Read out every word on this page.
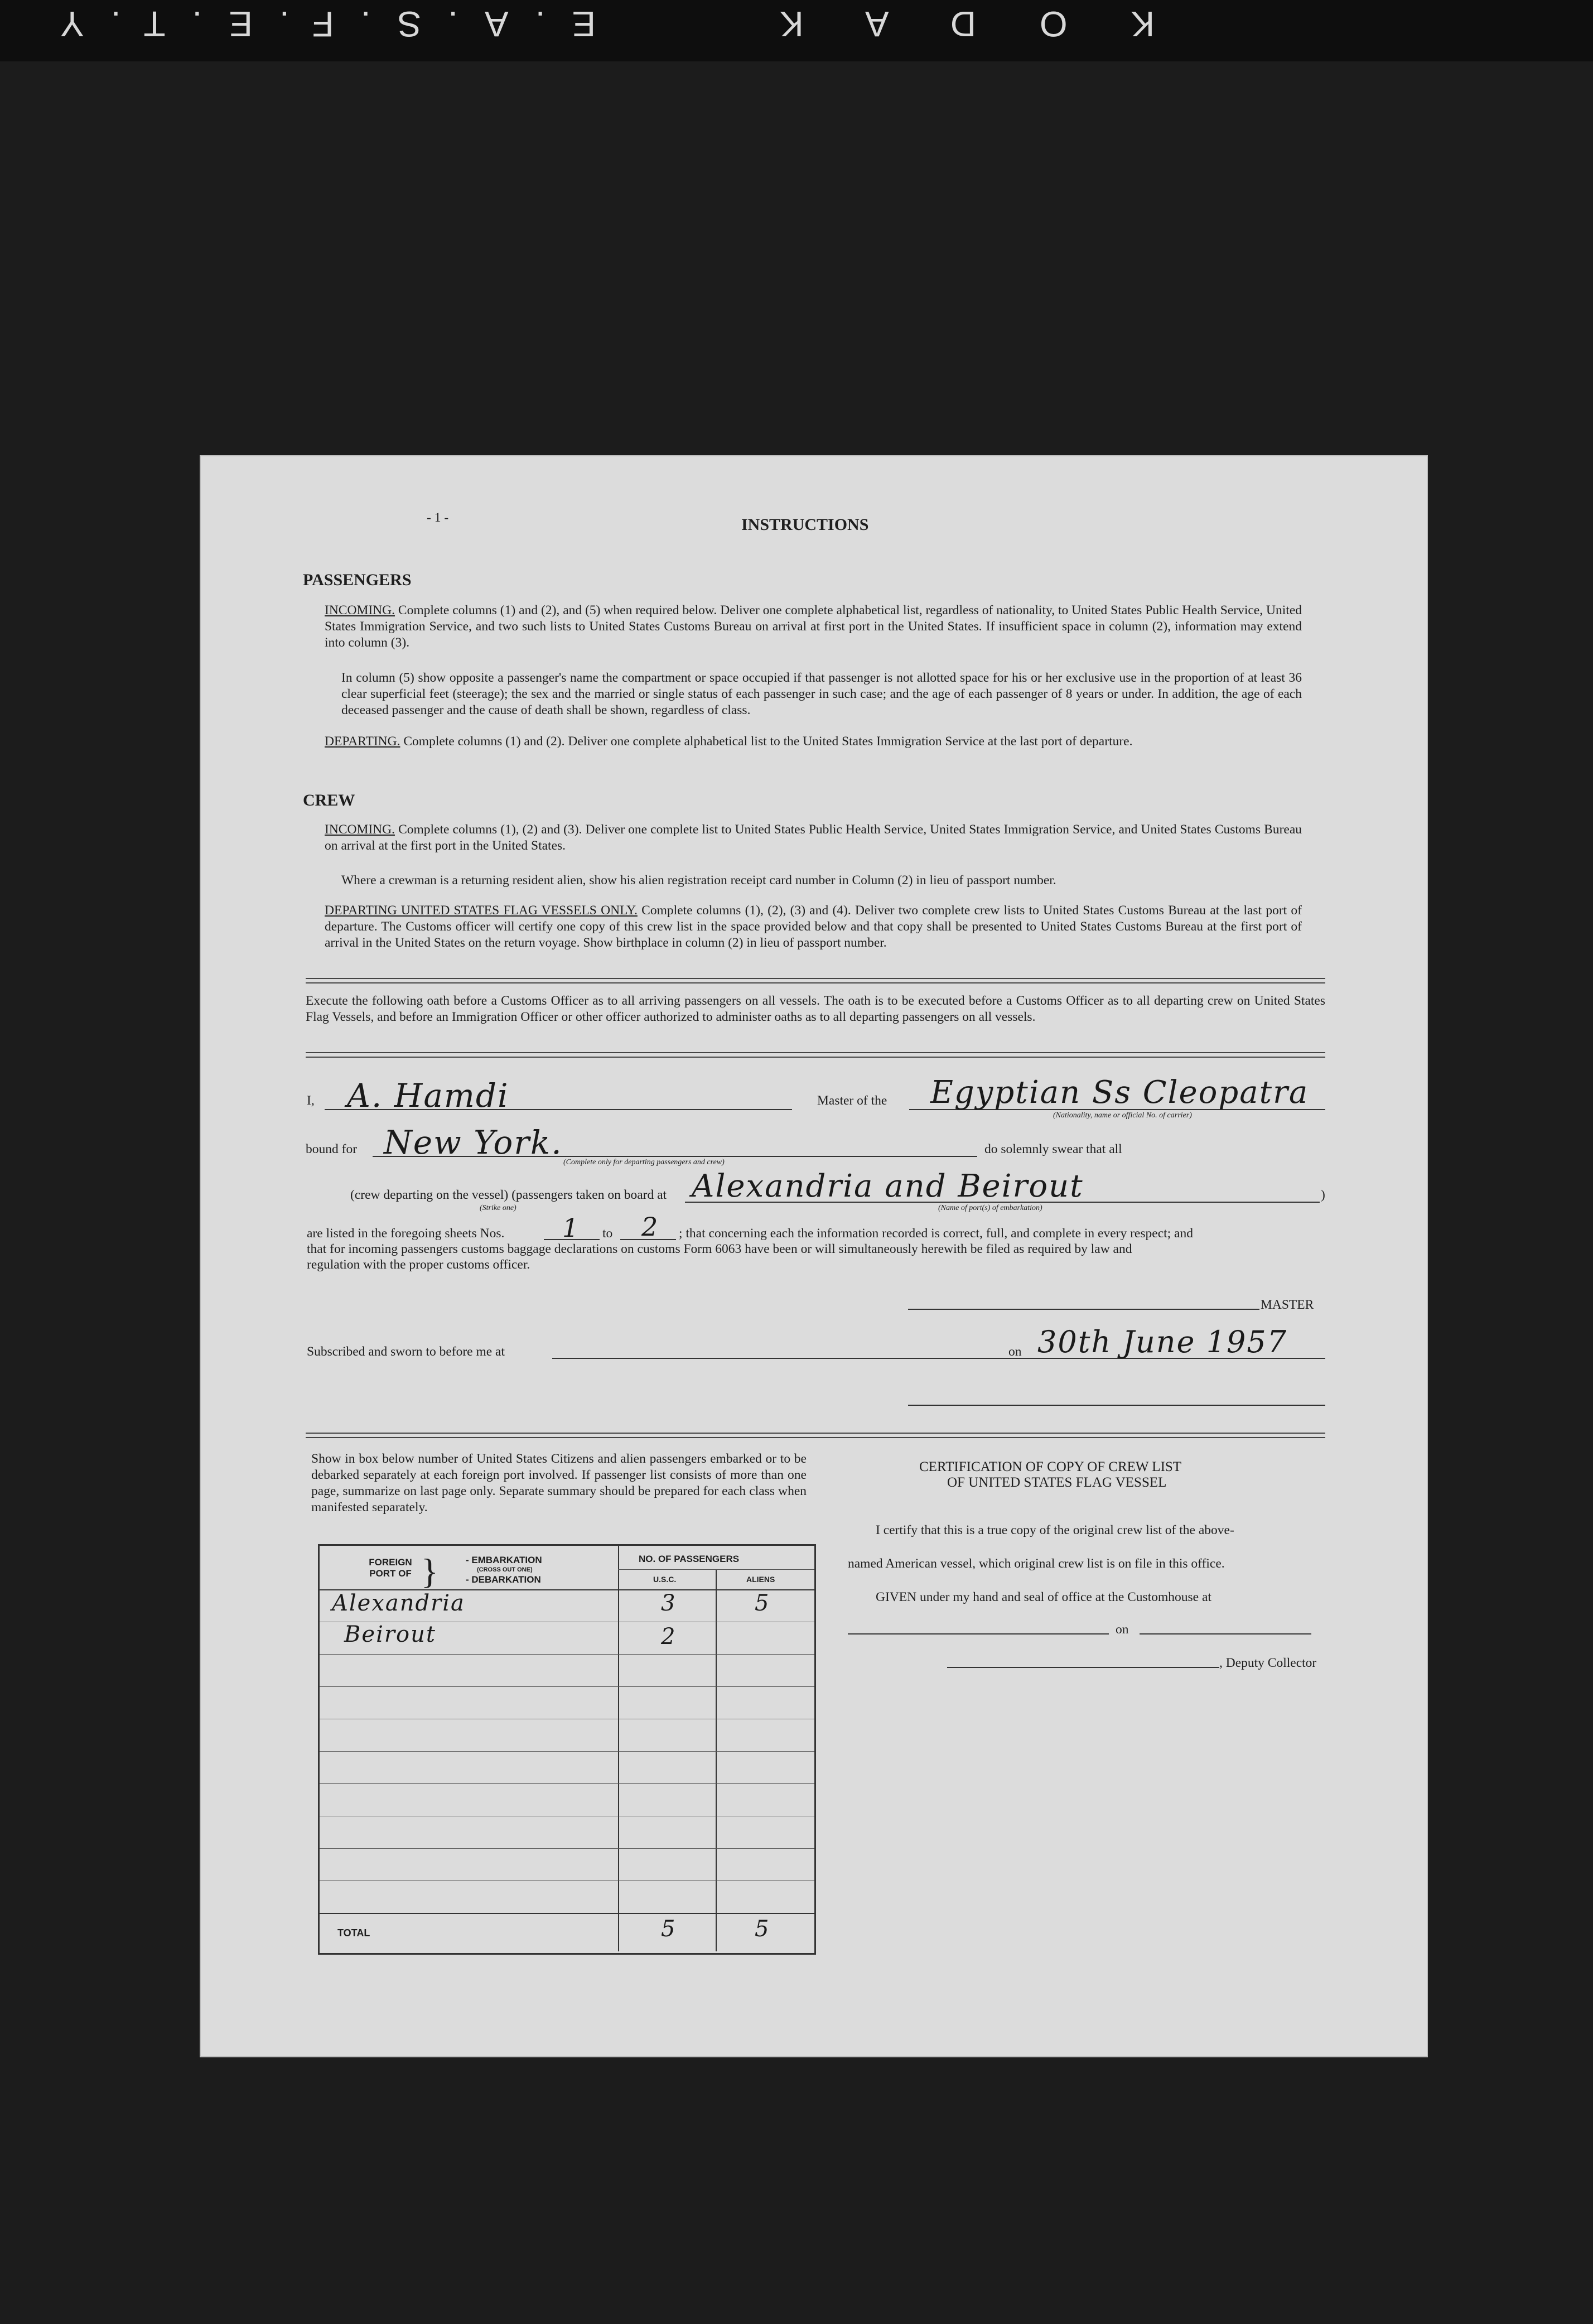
E.A.S.F.E.T.Y	K O D A K
- 1 -	INSTRUCTIONS
PASSENGERS
INCOMING. Complete columns (1) and (2), and (5) when required below. Deliver one complete alphabetical list, regardless of nationality, to United States Public Health Service, United States Immigration Service, and two such lists to United States Customs Bureau on arrival at first port in the United States. If insufficient space in column (2), information may extend into column (3).
In column (5) show opposite a passenger's name the compartment or space occupied if that passenger is not allotted space for his or her exclusive use in the proportion of at least 36 clear superficial feet (steerage); the sex and the married or single status of each passenger in such case; and the age of each passenger of 8 years or under. In addition, the age of each deceased passenger and the cause of death shall be shown, regardless of class.
DEPARTING. Complete columns (1) and (2). Deliver one complete alphabetical list to the United States Immigration Service at the last port of departure.
CREW
INCOMING. Complete columns (1), (2) and (3). Deliver one complete list to United States Public Health Service, United States Immigration Service, and United States Customs Bureau on arrival at the first port in the United States.
Where a crewman is a returning resident alien, show his alien registration receipt card number in Column (2) in lieu of passport number.
DEPARTING UNITED STATES FLAG VESSELS ONLY. Complete columns (1), (2), (3) and (4). Deliver two complete crew lists to United States Customs Bureau at the last port of departure. The Customs officer will certify one copy of this crew list in the space provided below and that copy shall be presented to United States Customs Bureau at the first port of arrival in the United States on the return voyage. Show birthplace in column (2) in lieu of passport number.
Execute the following oath before a Customs Officer as to all arriving passengers on all vessels. The oath is to be executed before a Customs Officer as to all departing crew on United States Flag Vessels, and before an Immigration Officer or other officer authorized to administer oaths as to all departing passengers on all vessels.
I, A. Hamdi	Master of the Egyptian Ss Cleopatra
(Nationality, name or official No. of carrier)
bound for New York.
(Complete only for departing passengers and crew)
do solemnly swear that all
(crew departing on the vessel) (passengers taken on board at
(Strike one)
Alexandria and Beirout
(Name of port(s) of embarkation)
)
are listed in the foregoing sheets Nos. 1 to 2 ; that concerning each the information recorded is correct, full, and complete in every respect; and
that for incoming passengers customs baggage declarations on customs Form 6063 have been or will simultaneously herewith be filed as required by law and
regulation with the proper customs officer.
MASTER
Subscribed and sworn to before me at	on 30th June 1957
Show in box below number of United States Citizens and alien passengers embarked or to be debarked separately at each foreign port involved. If passenger list consists of more than one page, summarize on last page only. Separate summary should be prepared for each class when manifested separately.
FOREIGN PORT OF }	- EMBARKATION
(CROSS OUT ONE)
- DEBARKATION
NO. OF PASSENGERS
U.S.C.	ALIENS
Alexandria	3	5
Beirout	2
TOTAL	5	5
CERTIFICATION OF COPY OF CREW LIST
OF UNITED STATES FLAG VESSEL
I certify that this is a true copy of the original crew list of the above-
named American vessel, which original crew list is on file in this office.
GIVEN under my hand and seal of office at the Customhouse at
on
, Deputy Collector
